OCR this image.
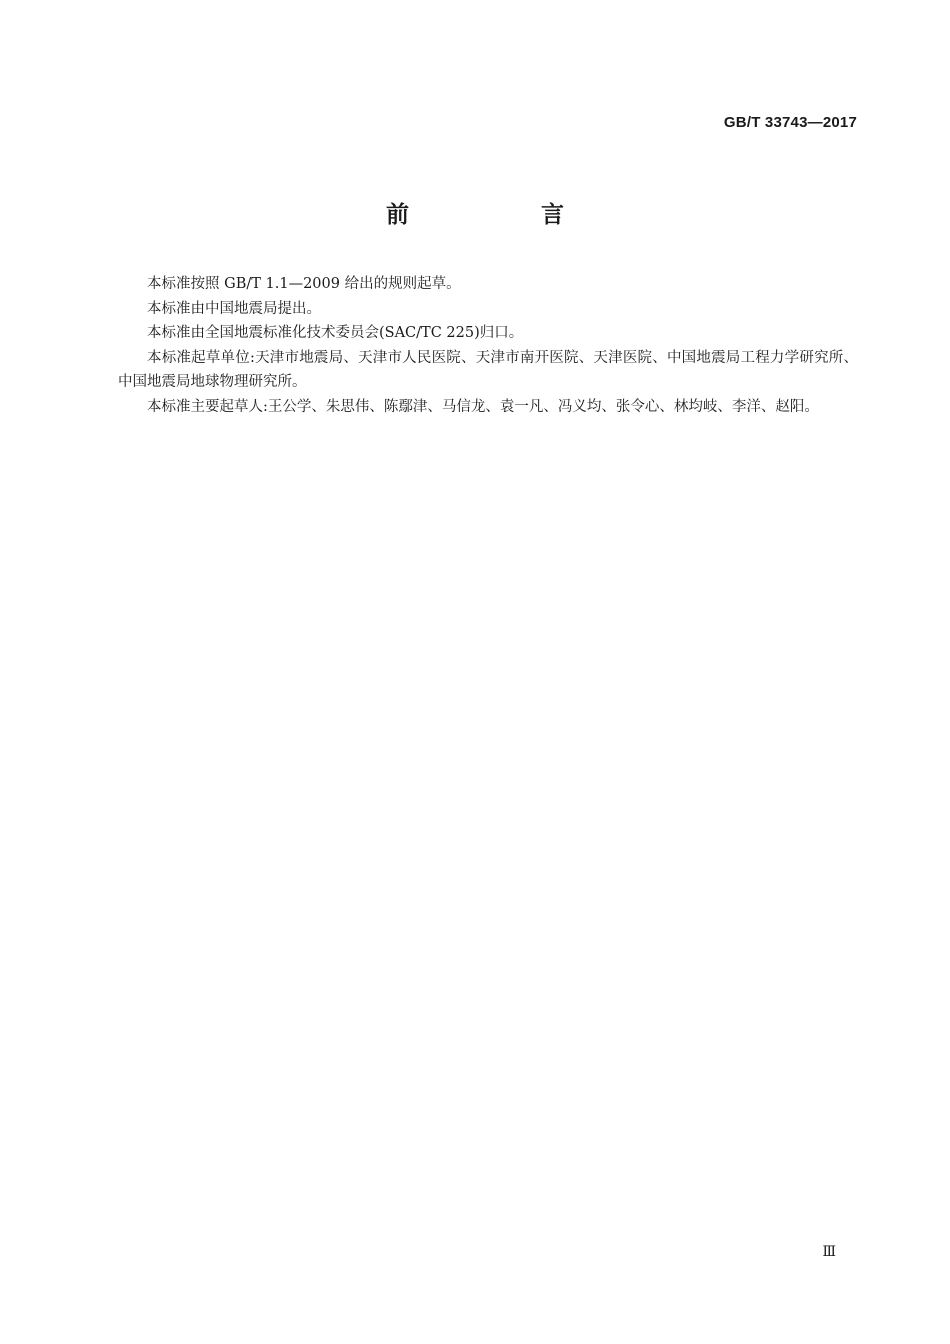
GB/T 33743—2017
前 言

本标准按照 GB/T 1.1—2009 给出的规则起草。

本标准由中国地震局提出。

本标准由全国地震标准化技术委员会(SAC/TC 225)归口。

本标准起草单位:天津市地震局、天津市人民医院、天津市南开医院、天津医院、中国地震局工程力学研究所、中国地震局地球物理研究所。

本标准主要起草人:王公学、朱思伟、陈鄢津、马信龙、袁一凡、冯义均、张令心、林均岐、李洋、赵阳。

Ⅲ
